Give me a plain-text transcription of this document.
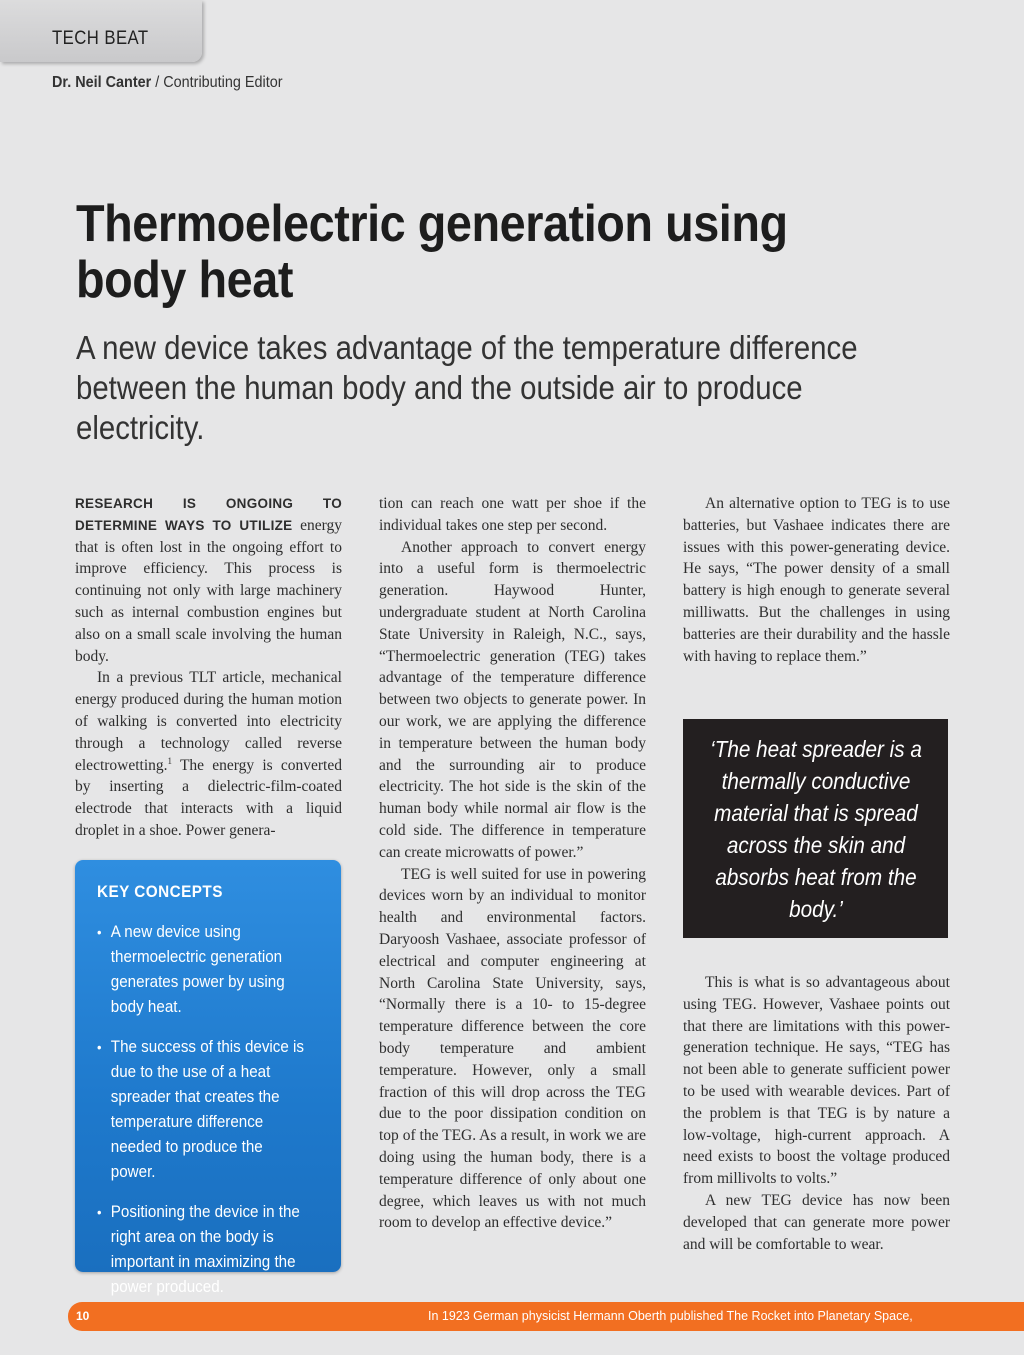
TECH BEAT
Dr. Neil Canter / Contributing Editor
Thermoelectric generation using body heat

A new device takes advantage of the temperature difference between the human body and the outside air to produce electricity.

RESEARCH IS ONGOING TO DETERMINE WAYS TO UTILIZE energy that is often lost in the ongoing effort to improve efficiency. This process is continuing not only with large machinery such as internal combustion engines but also on a small scale involving the human body.

In a previous TLT article, mechanical energy produced during the human motion of walking is converted into electricity through a technology called reverse electrowetting.$^1$ The energy is converted by inserting a dielectric-film-coated electrode that interacts with a liquid droplet in a shoe. Power genera-

KEY CONCEPTS
• A new device using thermoelectric generation generates power by using body heat.
• The success of this device is due to the use of a heat spreader that creates the temperature difference needed to produce the power.
• Positioning the device in the right area on the body is important in maximizing the power produced.

tion can reach one watt per shoe if the individual takes one step per second.

Another approach to convert energy into a useful form is thermoelectric generation. Haywood Hunter, undergraduate student at North Carolina State University in Raleigh, N.C., says, “Thermoelectric generation (TEG) takes advantage of the temperature difference between two objects to generate power. In our work, we are applying the difference in temperature between the human body and the surrounding air to produce electricity. The hot side is the skin of the human body while normal air flow is the cold side. The difference in temperature can create microwatts of power.”

TEG is well suited for use in powering devices worn by an individual to monitor health and environmental factors. Daryoosh Vashaee, associate professor of electrical and computer engineering at North Carolina State University, says, “Normally there is a 10- to 15-degree temperature difference between the core body temperature and ambient temperature. However, only a small fraction of this will drop across the TEG due to the poor dissipation condition on top of the TEG. As a result, in work we are doing using the human body, there is a temperature difference of only about one degree, which leaves us with not much room to develop an effective device.”

An alternative option to TEG is to use batteries, but Vashaee indicates there are issues with this power-generating device. He says, “The power density of a small battery is high enough to generate several milliwatts. But the challenges in using batteries are their durability and the hassle with having to replace them.”

‘The heat spreader is a thermally conductive material that is spread across the skin and absorbs heat from the body.’

This is what is so advantageous about using TEG. However, Vashaee points out that there are limitations with this power-generation technique. He says, “TEG has not been able to generate sufficient power to be used with wearable devices. Part of the problem is that TEG is by nature a low-voltage, high-current approach. A need exists to boost the voltage produced from millivolts to volts.”

A new TEG device has now been developed that can generate more power and will be comfortable to wear.

10	In 1923 German physicist Hermann Oberth published The Rocket into Planetary Space,
